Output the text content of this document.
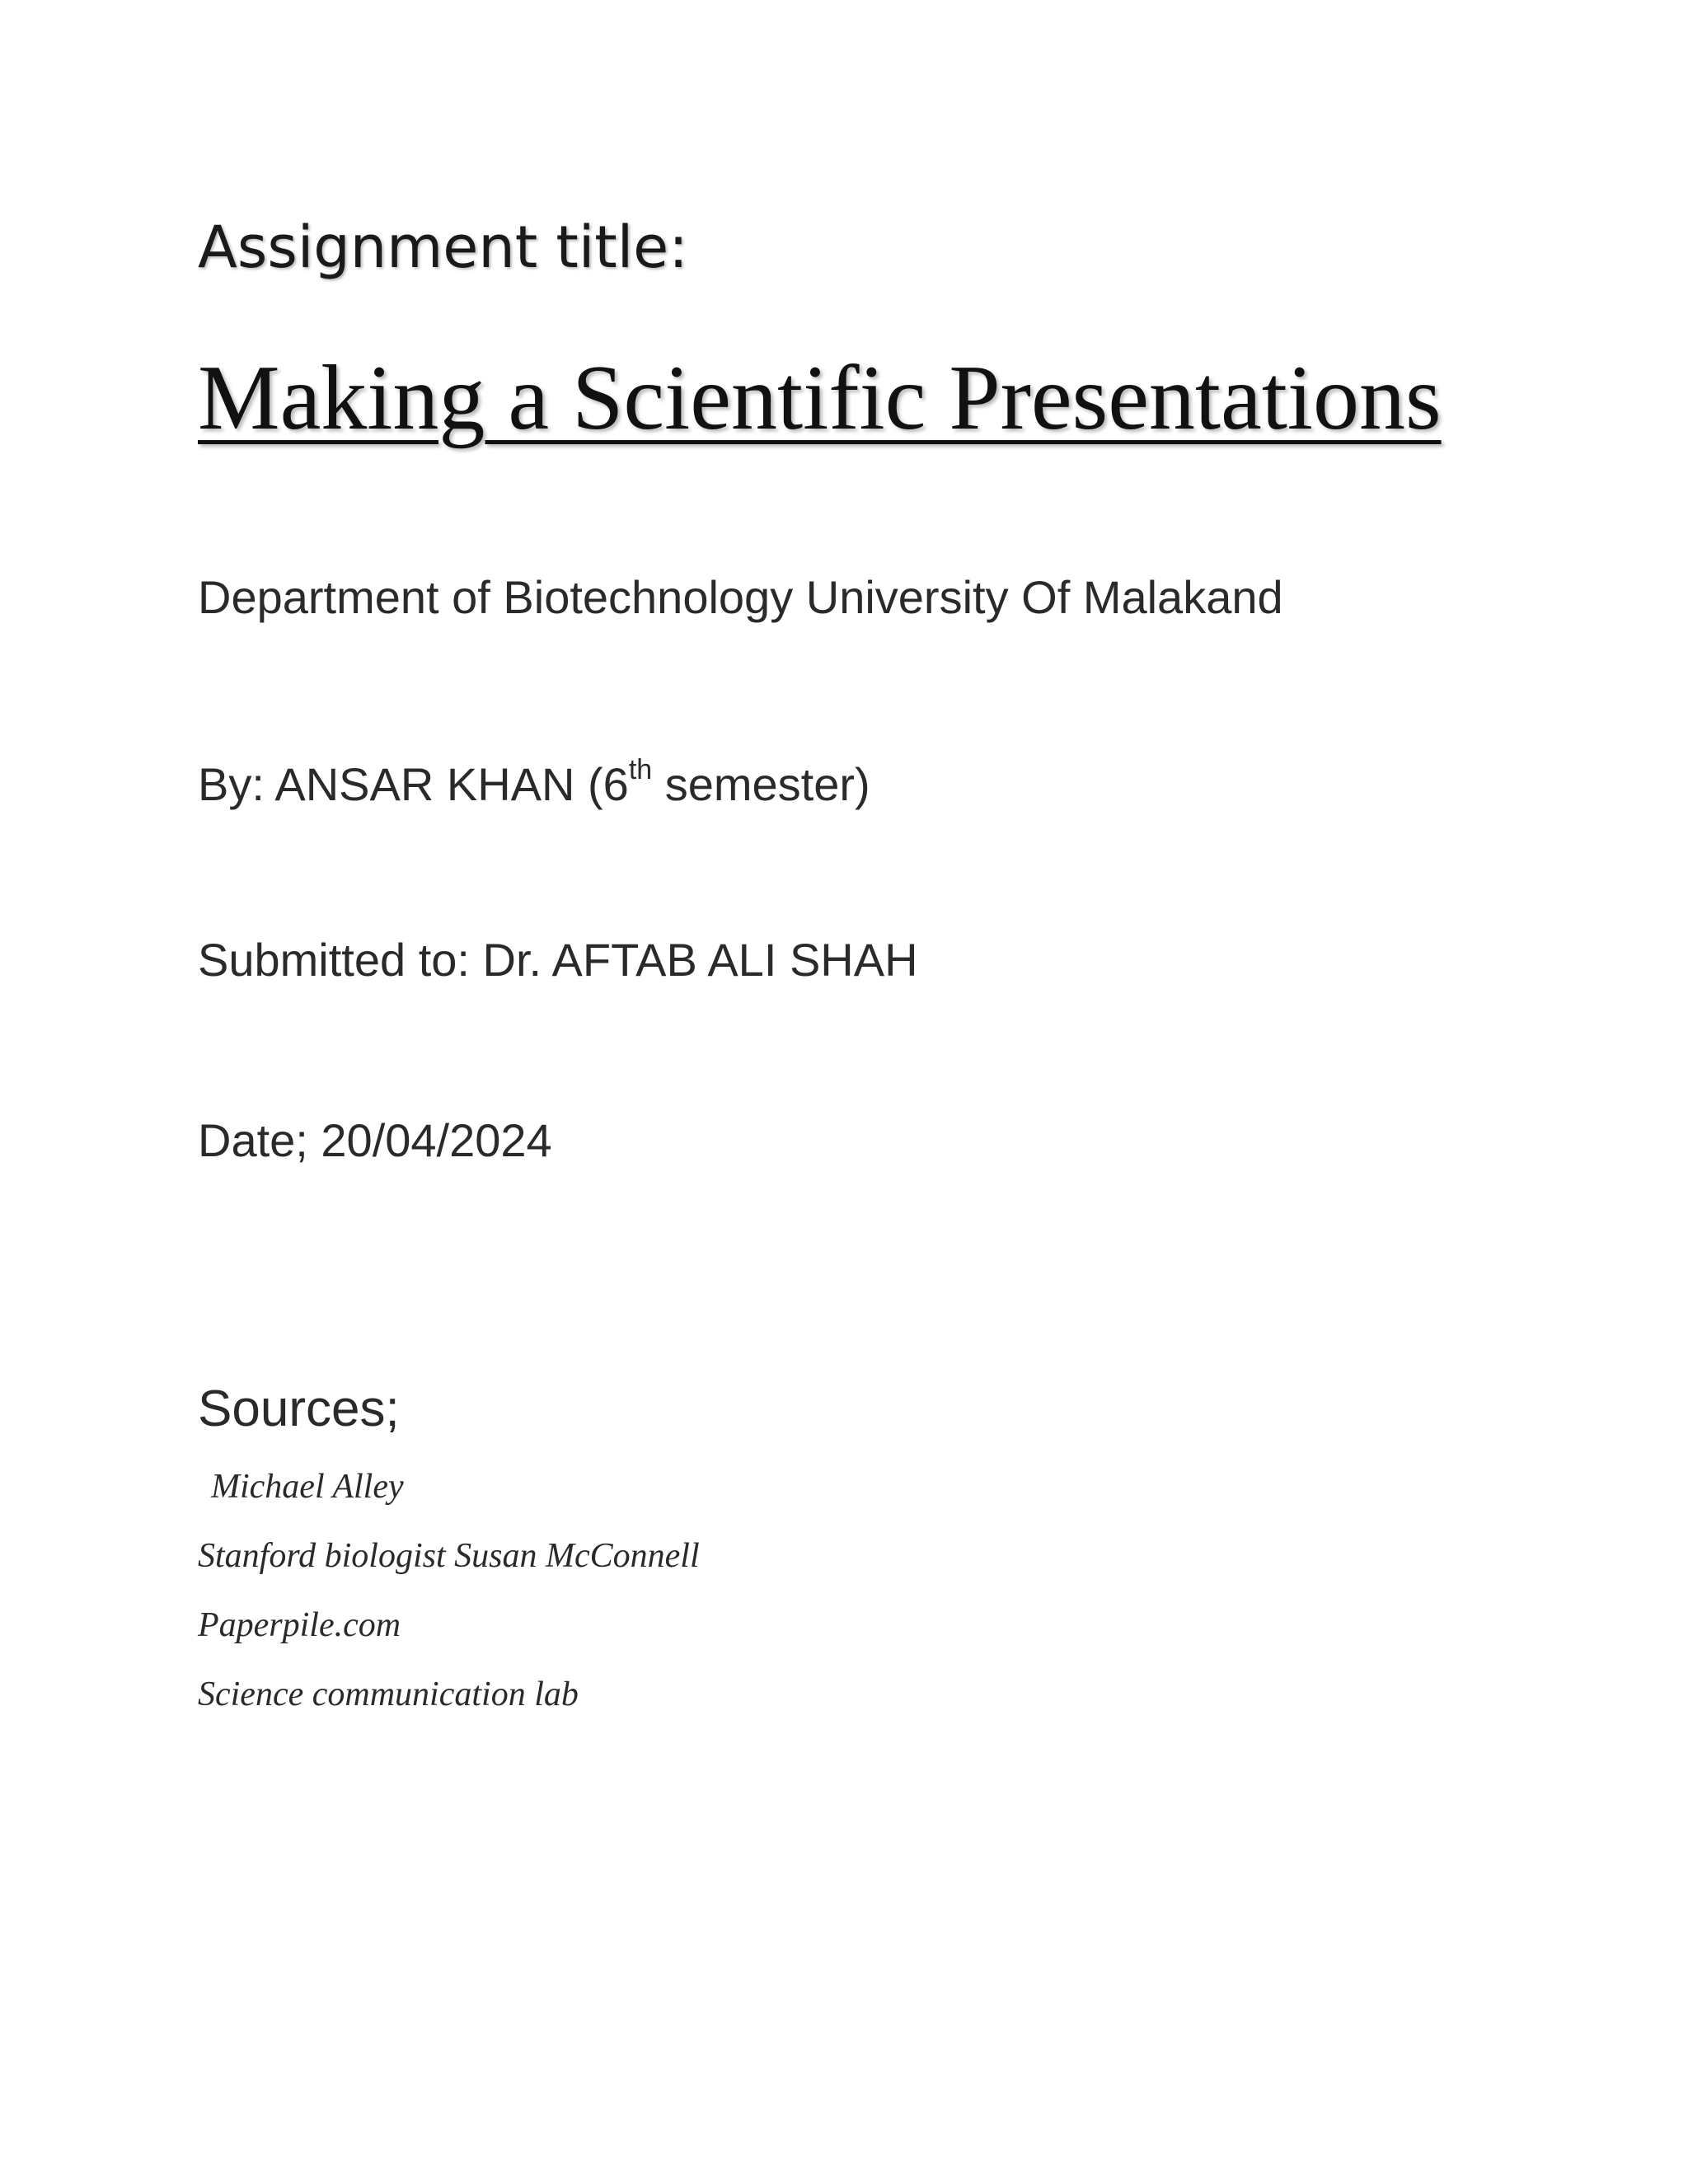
Assignment title:
Making a Scientific Presentations
Department of Biotechnology University Of Malakand
By: ANSAR KHAN (6th semester)
Submitted to: Dr. AFTAB ALI SHAH
Date; 20/04/2024
Sources;
Michael Alley
Stanford biologist Susan McConnell
Paperpile.com
Science communication lab
